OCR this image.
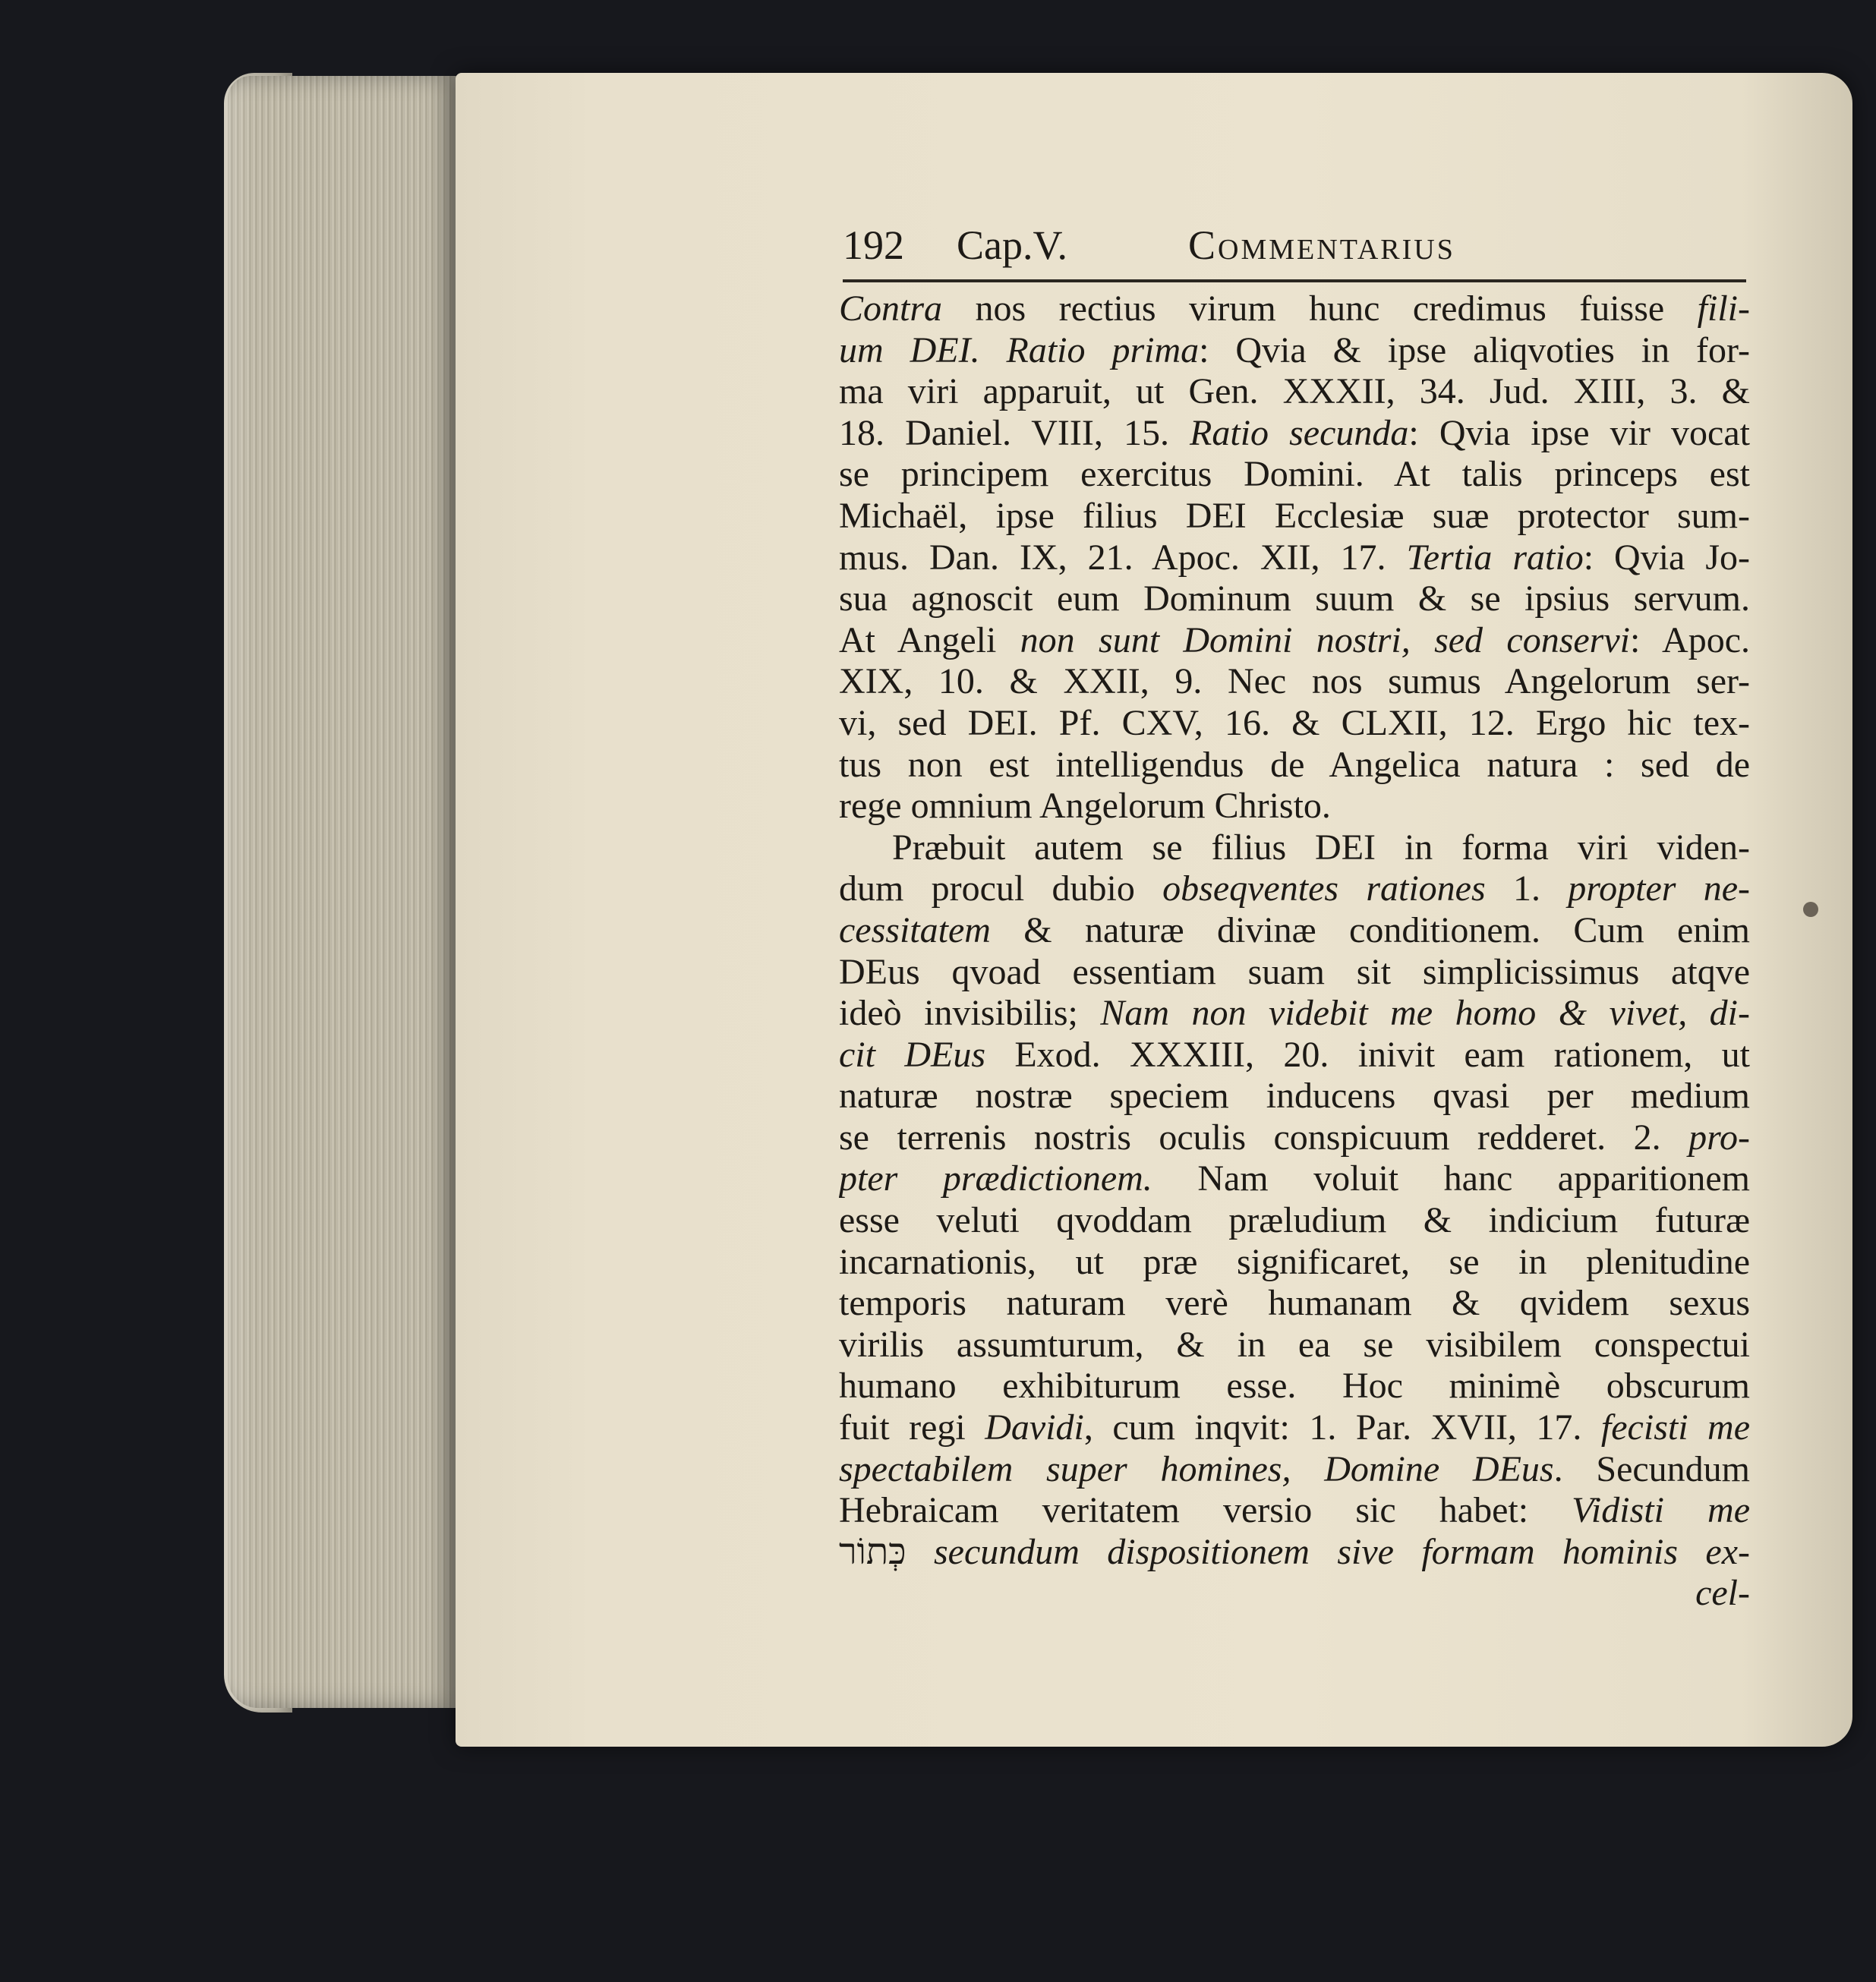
192 Cap.V.	Commentarius
Contra nos rectius virum hunc credimus fuisse fili-
um DEI. Ratio prima: Qvia & ipse aliqvoties in for-
ma viri apparuit, ut Gen. XXXII, 34. Jud. XIII, 3. &
18. Daniel. VIII, 15. Ratio secunda: Qvia ipse vir vocat
se principem exercitus Domini. At talis princeps est
Michaël, ipse filius DEI Ecclesiæ suæ protector sum-
mus. Dan. IX, 21. Apoc. XII, 17. Tertia ratio: Qvia Jo-
sua agnoscit eum Dominum suum & se ipsius servum.
At Angeli non sunt Domini nostri, sed conservi: Apoc.
XIX, 10. & XXII, 9. Nec nos sumus Angelorum ser-
vi, sed DEI. Pf. CXV, 16. & CLXII, 12. Ergo hic tex-
tus non est intelligendus de Angelica natura : sed de
rege omnium Angelorum Christo.
Præbuit autem se filius DEI in forma viri viden-
dum procul dubio obseqventes rationes 1. propter ne-
cessitatem & naturæ divinæ conditionem. Cum enim
DEus qvoad essentiam suam sit simplicissimus atqve
ideò invisibilis; Nam non videbit me homo & vivet, di-
cit DEus Exod. XXXIII, 20. inivit eam rationem, ut
naturæ nostræ speciem inducens qvasi per medium
se terrenis nostris oculis conspicuum redderet. 2. pro-
pter prædictionem. Nam voluit hanc apparitionem
esse veluti qvoddam præludium & indicium futuræ
incarnationis, ut præ significaret, se in plenitudine
temporis naturam verè humanam & qvidem sexus
virilis assumturum, & in ea se visibilem conspectui
humano exhibiturum esse. Hoc minimè obscurum
fuit regi Davidi, cum inqvit: 1. Par. XVII, 17. fecisti me
spectabilem super homines, Domine DEus. Secundum
Hebraicam veritatem versio sic habet: Vidisti me
כְּתוֹר secundum dispositionem sive formam hominis ex-
cel-
